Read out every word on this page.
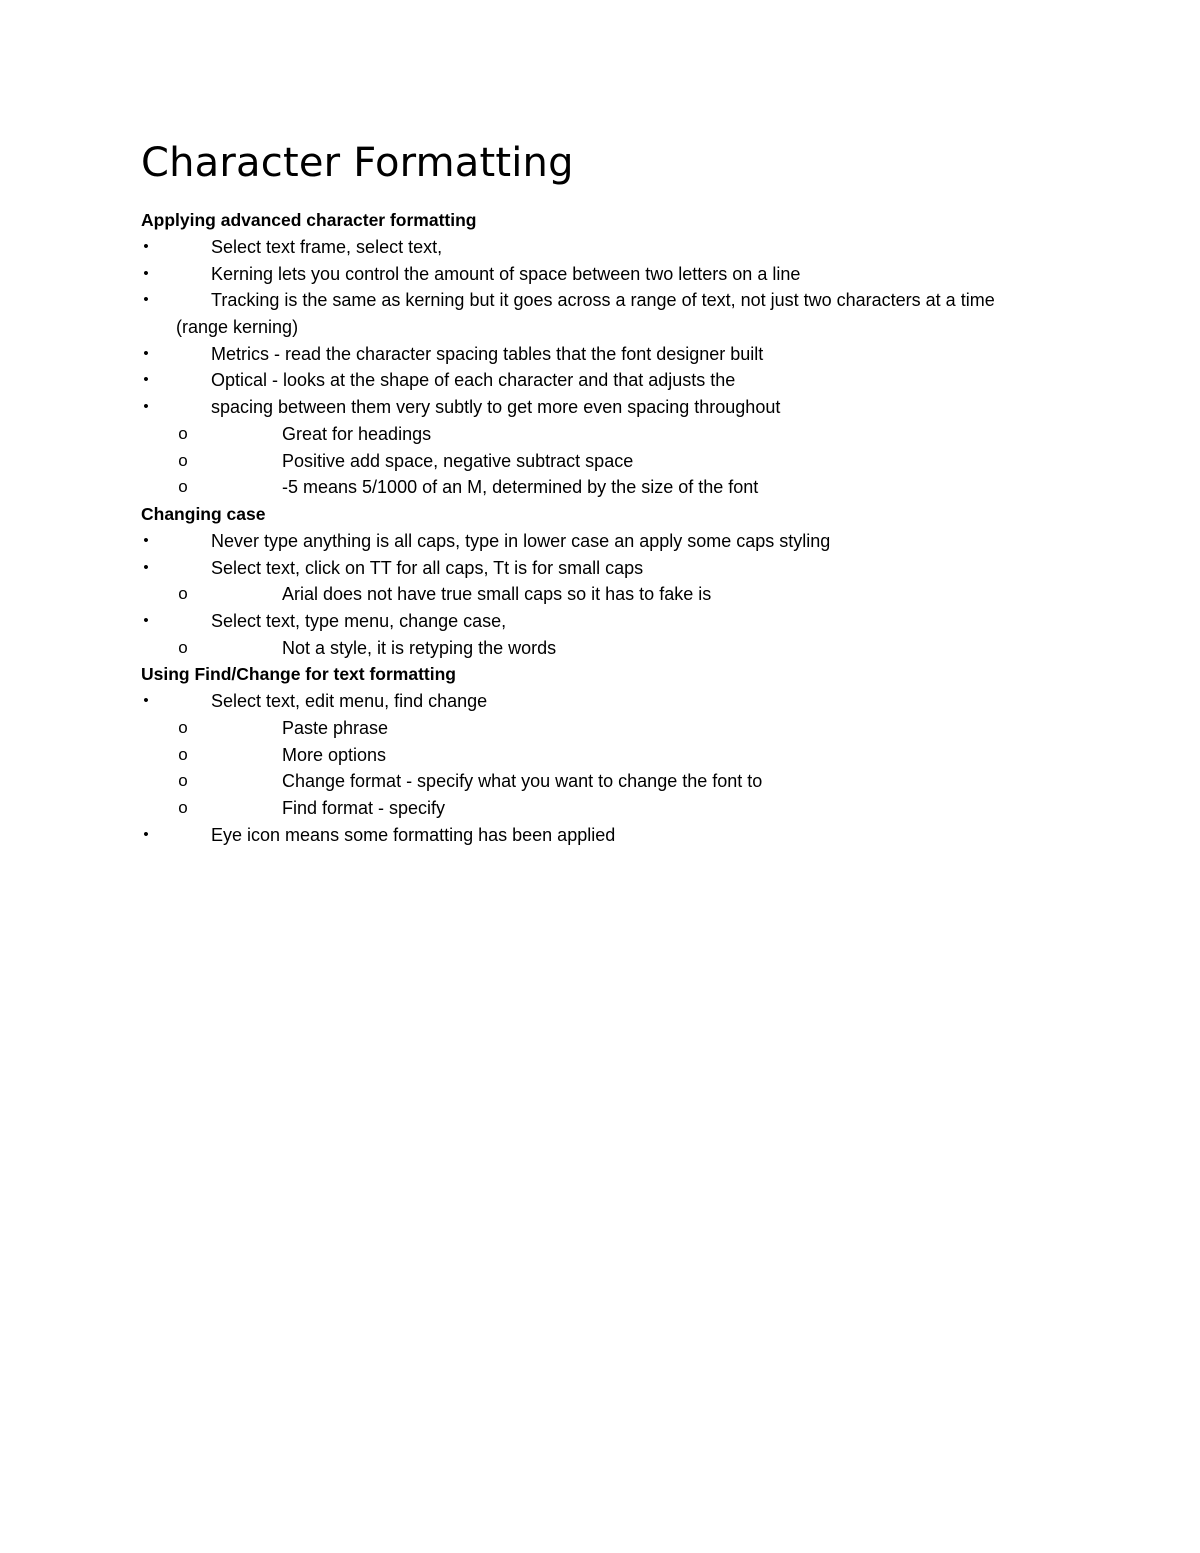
Character Formatting
Applying advanced character formatting
•	Select text frame, select text,
•	Kerning lets you control the amount of space between two letters on a line
•	Tracking is the same as kerning but it goes across a range of text, not just two characters at a time (range kerning)
•	Metrics - read the character spacing tables that the font designer built
•	Optical - looks at the shape of each character and that adjusts the
•	spacing between them very subtly to get more even spacing throughout
o	Great for headings
o	Positive add space, negative subtract space
o	-5 means 5/1000 of an M, determined by the size of the font
Changing case
•	Never type anything is all caps, type in lower case an apply some caps styling
•	Select text, click on TT for all caps, Tt is for small caps
o	Arial does not have true small caps so it has to fake is
•	Select text, type menu, change case,
o	Not a style, it is retyping the words
Using Find/Change for text formatting
•	Select text, edit menu, find change
o	Paste phrase
o	More options
o	Change format - specify what you want to change the font to
o	Find format - specify
•	Eye icon means some formatting has been applied
